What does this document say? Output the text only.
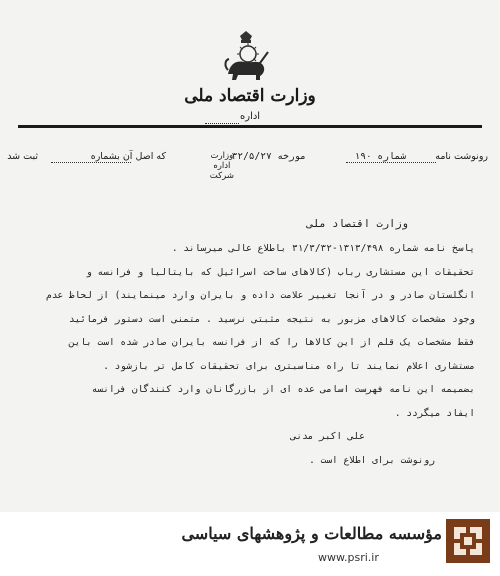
وزارت اقتصاد ملی
اداره
رونوشت نامه
شماره ۱۹۰
مورخه ۳۲/۵/۲۷
وزارت
اداره
شرکت
که اصل آن بشماره
ثبت شد
وزارت اقتصاد ملی
پاسخ نامه شماره ۱۳۱۳/۴۹۸-۳۱/۳/۳۲ باطلاع عالی میرساند .
تحقیقات این مستشاری رباب (کالاهای ساخت اسرائیل که بایتالیا و فرانسه و
انگلستان صادر و در آنجا تغییر علامت داده و بایران وارد مینمایند) از لحاظ عدم
وجود مشخصات کالاهای مزبور به نتیجه مثبتی نرسید . متمنی است دستور فرمائید
فقط مشخصات یک قلم از این کالاها را که از فرانسه بایران صادر شده است باین
مستشاری اعلام نمایند تا راه مناسبتری برای تحقیقات کامل تر بازشود .
بضمیمه این نامه فهرست اسامی عده ای از بازرگانان وارد کنندگان فرانسه
ایفاد میگردد .
علی اکبر مدنی
رونوشت برای اطلاع است .
مؤسسه مطالعات و پژوهشهای سیاسی
www.psri.ir
